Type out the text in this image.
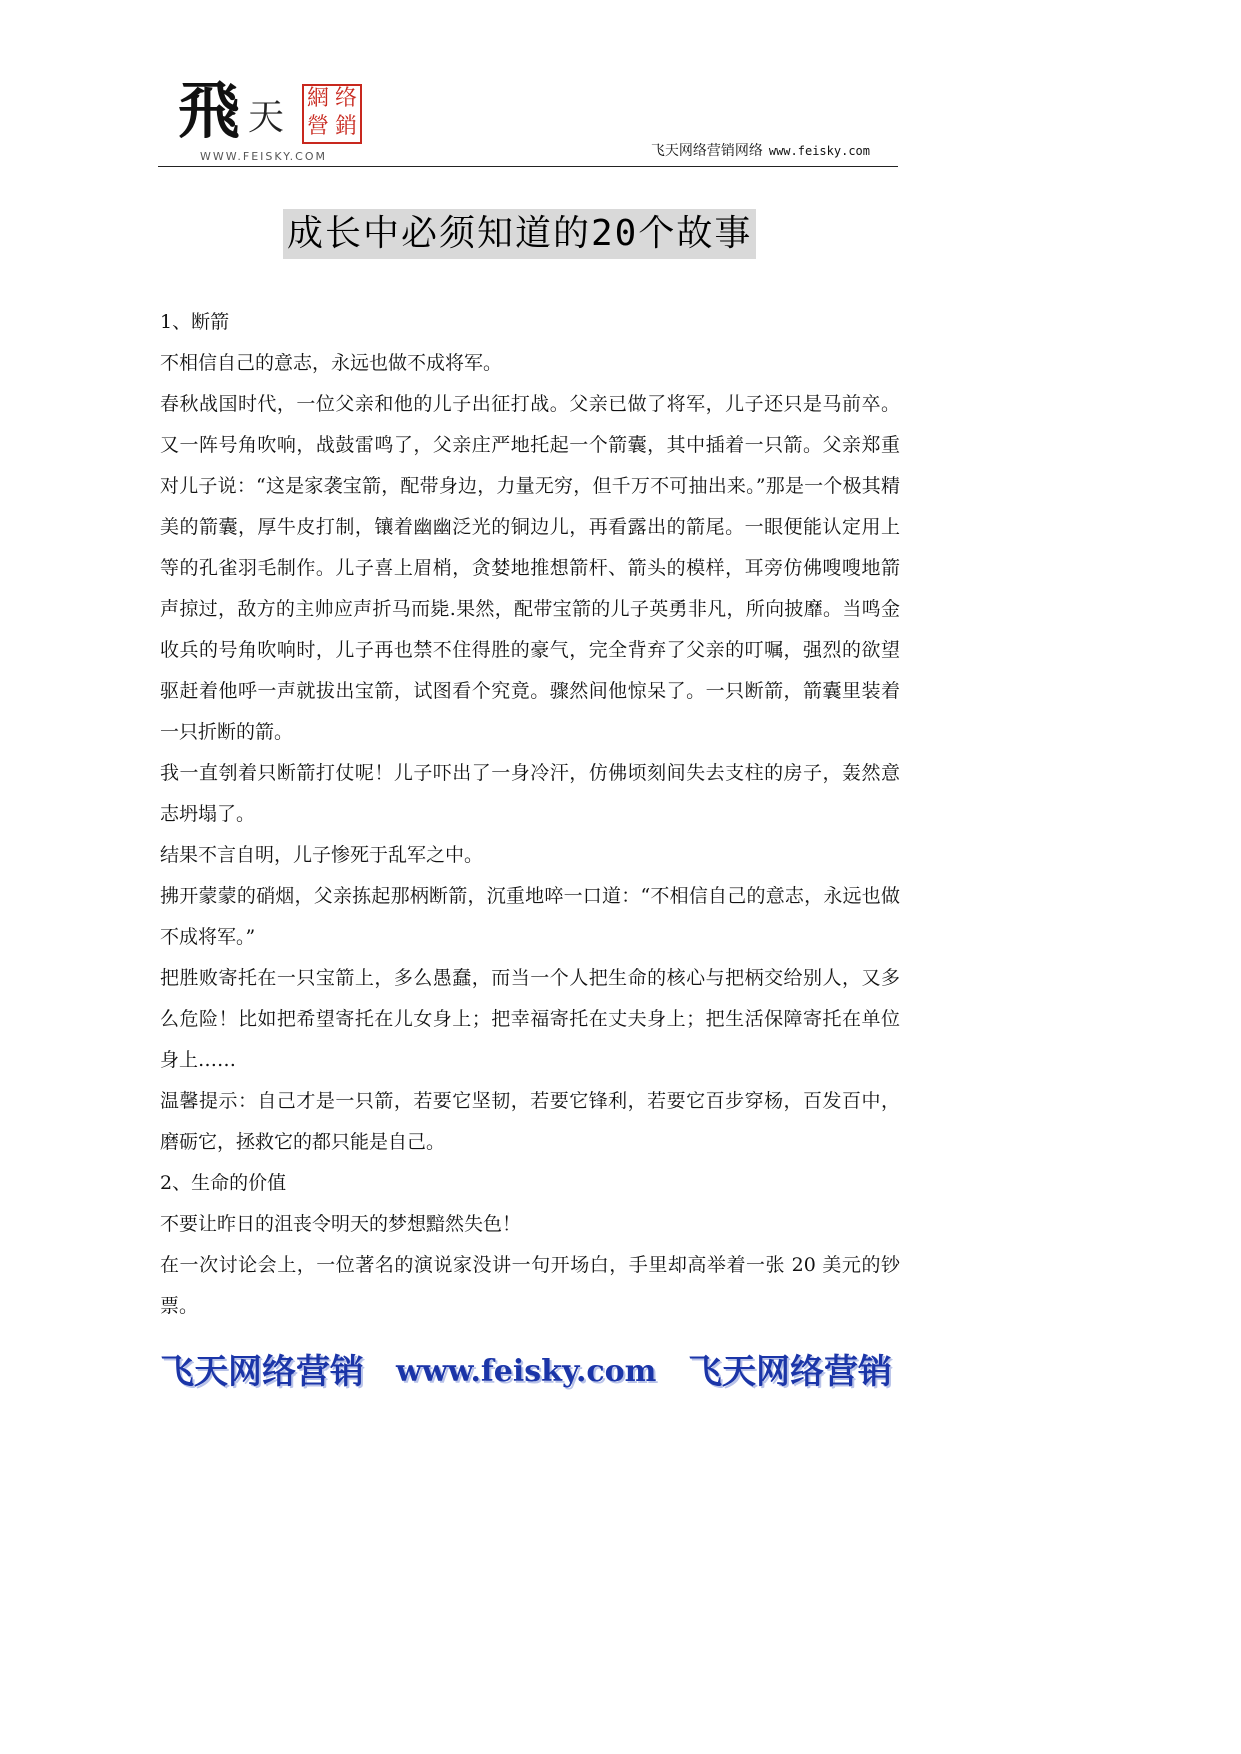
飛 天 網 络
營 銷
WWW.FEISKY.COM	飞天网络营销网络 www.feisky.com
成长中必须知道的20个故事

1、断箭

不相信自己的意志，永远也做不成将军。

春秋战国时代，一位父亲和他的儿子出征打战。父亲已做了将军，儿子还只是马前卒。又一阵号角吹响，战鼓雷鸣了，父亲庄严地托起一个箭囊，其中插着一只箭。父亲郑重对儿子说：“这是家袭宝箭，配带身边，力量无穷，但千万不可抽出来。”那是一个极其精美的箭囊，厚牛皮打制，镶着幽幽泛光的铜边儿，再看露出的箭尾。一眼便能认定用上等的孔雀羽毛制作。儿子喜上眉梢，贪婪地推想箭杆、箭头的模样，耳旁仿佛嗖嗖地箭声掠过，敌方的主帅应声折马而毙.果然，配带宝箭的儿子英勇非凡，所向披靡。当鸣金收兵的号角吹响时，儿子再也禁不住得胜的豪气，完全背弃了父亲的叮嘱，强烈的欲望驱赶着他呼一声就拔出宝箭，试图看个究竟。骤然间他惊呆了。一只断箭，箭囊里装着一只折断的箭。

我一直刳着只断箭打仗呢！儿子吓出了一身冷汗，仿佛顷刻间失去支柱的房子，轰然意志坍塌了。

结果不言自明，儿子惨死于乱军之中。

拂开蒙蒙的硝烟，父亲拣起那柄断箭，沉重地啐一口道：“不相信自己的意志，永远也做不成将军。”

把胜败寄托在一只宝箭上，多么愚蠢，而当一个人把生命的核心与把柄交给别人，又多么危险！比如把希望寄托在儿女身上；把幸福寄托在丈夫身上；把生活保障寄托在单位身上……

温馨提示：自己才是一只箭，若要它坚韧，若要它锋利，若要它百步穿杨，百发百中，磨砺它，拯救它的都只能是自己。

2、生命的价值

不要让昨日的沮丧令明天的梦想黯然失色！

在一次讨论会上，一位著名的演说家没讲一句开场白，手里却高举着一张 20 美元的钞票。

飞天网络营销 www.feisky.com 飞天网络营销
